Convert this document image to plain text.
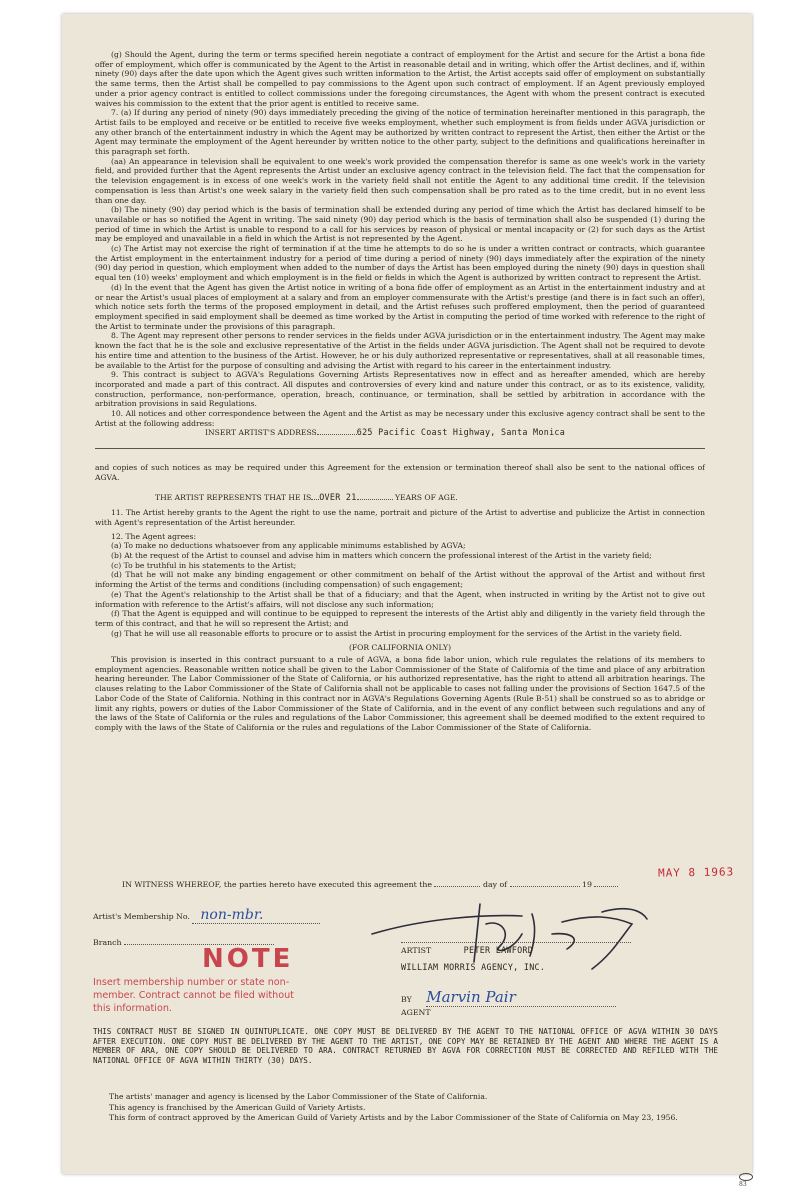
(g) Should the Agent, during the term or terms specified herein negotiate a contract of employment for the Artist and secure for the Artist a bona fide offer of employment, which offer is communicated by the Agent to the Artist in reasonable detail and in writing, which offer the Artist declines, and if, within ninety (90) days after the date upon which the Agent gives such written information to the Artist, the Artist accepts said offer of employment on substantially the same terms, then the Artist shall be compelled to pay commissions to the Agent upon such contract of employment. If an Agent previously employed under a prior agency contract is entitled to collect commissions under the foregoing circumstances, the Agent with whom the present contract is executed waives his commission to the extent that the prior agent is entitled to receive same.

7. (a) If during any period of ninety (90) days immediately preceding the giving of the notice of termination hereinafter mentioned in this paragraph, the Artist fails to be employed and receive or be entitled to receive five weeks employment, whether such employment is from fields under AGVA jurisdiction or any other branch of the entertainment industry in which the Agent may be authorized by written contract to represent the Artist, then either the Artist or the Agent may terminate the employment of the Agent hereunder by written notice to the other party, subject to the definitions and qualifications hereinafter in this paragraph set forth.

(aa) An appearance in television shall be equivalent to one week's work provided the compensation therefor is same as one week's work in the variety field, and provided further that the Agent represents the Artist under an exclusive agency contract in the television field. The fact that the compensation for the television engagement is in excess of one week's work in the variety field shall not entitle the Agent to any additional time credit. If the television compensation is less than Artist's one week salary in the variety field then such compensation shall be pro rated as to the time credit, but in no event less than one day.

(b) The ninety (90) day period which is the basis of termination shall be extended during any period of time which the Artist has declared himself to be unavailable or has so notified the Agent in writing. The said ninety (90) day period which is the basis of termination shall also be suspended (1) during the period of time in which the Artist is unable to respond to a call for his services by reason of physical or mental incapacity or (2) for such days as the Artist may be employed and unavailable in a field in which the Artist is not represented by the Agent.

(c) The Artist may not exercise the right of termination if at the time he attempts to do so he is under a written contract or contracts, which guarantee the Artist employment in the entertainment industry for a period of time during a period of ninety (90) days immediately after the expiration of the ninety (90) day period in question, which employment when added to the number of days the Artist has been employed during the ninety (90) days in question shall equal ten (10) weeks' employment and which employment is in the field or fields in which the Agent is authorized by written contract to represent the Artist.

(d) In the event that the Agent has given the Artist notice in writing of a bona fide offer of employment as an Artist in the entertainment industry and at or near the Artist's usual places of employment at a salary and from an employer commensurate with the Artist's prestige (and there is in fact such an offer), which notice sets forth the terms of the proposed employment in detail, and the Artist refuses such proffered employment, then the period of guaranteed employment specified in said employment shall be deemed as time worked by the Artist in computing the period of time worked with reference to the right of the Artist to terminate under the provisions of this paragraph.

8. The Agent may represent other persons to render services in the fields under AGVA jurisdiction or in the entertainment industry. The Agent may make known the fact that he is the sole and exclusive representative of the Artist in the fields under AGVA jurisdiction. The Agent shall not be required to devote his entire time and attention to the business of the Artist. However, he or his duly authorized representative or representatives, shall at all reasonable times, be available to the Artist for the purpose of consulting and advising the Artist with regard to his career in the entertainment industry.

9. This contract is subject to AGVA's Regulations Governing Artists Representatives now in effect and as hereafter amended, which are hereby incorporated and made a part of this contract. All disputes and controversies of every kind and nature under this contract, or as to its existence, validity, construction, performance, non-performance, operation, breach, continuance, or termination, shall be settled by arbitration in accordance with the arbitration provisions in said Regulations.

10. All notices and other correspondence between the Agent and the Artist as may be necessary under this exclusive agency contract shall be sent to the Artist at the following address:

INSERT ARTIST'S ADDRESS	625 Pacific Coast Highway, Santa Monica

and copies of such notices as may be required under this Agreement for the extension or termination thereof shall also be sent to the national offices of AGVA.

THE ARTIST REPRESENTS THAT HE IS OVER 21	YEARS OF AGE.

11. The Artist hereby grants to the Agent the right to use the name, portrait and picture of the Artist to advertise and publicize the Artist in connection with Agent's representation of the Artist hereunder.

12. The Agent agrees:

(a) To make no deductions whatsoever from any applicable minimums established by AGVA;

(b) At the request of the Artist to counsel and advise him in matters which concern the professional interest of the Artist in the variety field;

(c) To be truthful in his statements to the Artist;

(d) That he will not make any binding engagement or other commitment on behalf of the Artist without the approval of the Artist and without first informing the Artist of the terms and conditions (including compensation) of such engagement;

(e) That the Agent's relationship to the Artist shall be that of a fiduciary; and that the Agent, when instructed in writing by the Artist not to give out information with reference to the Artist's affairs, will not disclose any such information;

(f) That the Agent is equipped and will continue to be equipped to represent the interests of the Artist ably and diligently in the variety field through the term of this contract, and that he will so represent the Artist; and

(g) That he will use all reasonable efforts to procure or to assist the Artist in procuring employment for the services of the Artist in the variety field.

(FOR CALIFORNIA ONLY)

This provision is inserted in this contract pursuant to a rule of AGVA, a bona fide labor union, which rule regulates the relations of its members to employment agencies. Reasonable written notice shall be given to the Labor Commissioner of the State of California of the time and place of any arbitration hearing hereunder. The Labor Commissioner of the State of California, or his authorized representative, has the right to attend all arbitration hearings. The clauses relating to the Labor Commissioner of the State of California shall not be applicable to cases not falling under the provisions of Section 1647.5 of the Labor Code of the State of California. Nothing in this contract nor in AGVA's Regulations Governing Agents (Rule B-51) shall be construed so as to abridge or limit any rights, powers or duties of the Labor Commissioner of the State of California, and in the event of any conflict between such regulations and any of the laws of the State of California or the rules and regulations of the Labor Commissioner, this agreement shall be deemed modified to the extent required to comply with the laws of the State of California or the rules and regulations of the Labor Commissioner of the State of California.

MAY 8 1963
IN WITNESS WHEREOF, the parties hereto have executed this agreement the	day of	19
Artist's Membership No. non-mbr.
Branch
ARTIST	PETER LAWFORD
WILLIAM MORRIS AGENCY, INC.
NOTE
Insert membership number or state non-member. Contract cannot be filed without this information.
BY Marvin Pair
AGENT
THIS CONTRACT MUST BE SIGNED IN QUINTUPLICATE. ONE COPY MUST BE DELIVERED BY THE AGENT TO THE NATIONAL OFFICE OF AGVA WITHIN 30 DAYS AFTER EXECUTION. ONE COPY MUST BE DELIVERED BY THE AGENT TO THE ARTIST, ONE COPY MAY BE RETAINED BY THE AGENT AND WHERE THE AGENT IS A MEMBER OF ARA, ONE COPY SHOULD BE DELIVERED TO ARA. CONTRACT RETURNED BY AGVA FOR CORRECTION MUST BE CORRECTED AND REFILED WITH THE NATIONAL OFFICE OF AGVA WITHIN THIRTY (30) DAYS.

The artists' manager and agency is licensed by the Labor Commissioner of the State of California.

This agency is franchised by the American Guild of Variety Artists.

This form of contract approved by the American Guild of Variety Artists and by the Labor Commissioner of the State of California on May 23, 1956.

83
